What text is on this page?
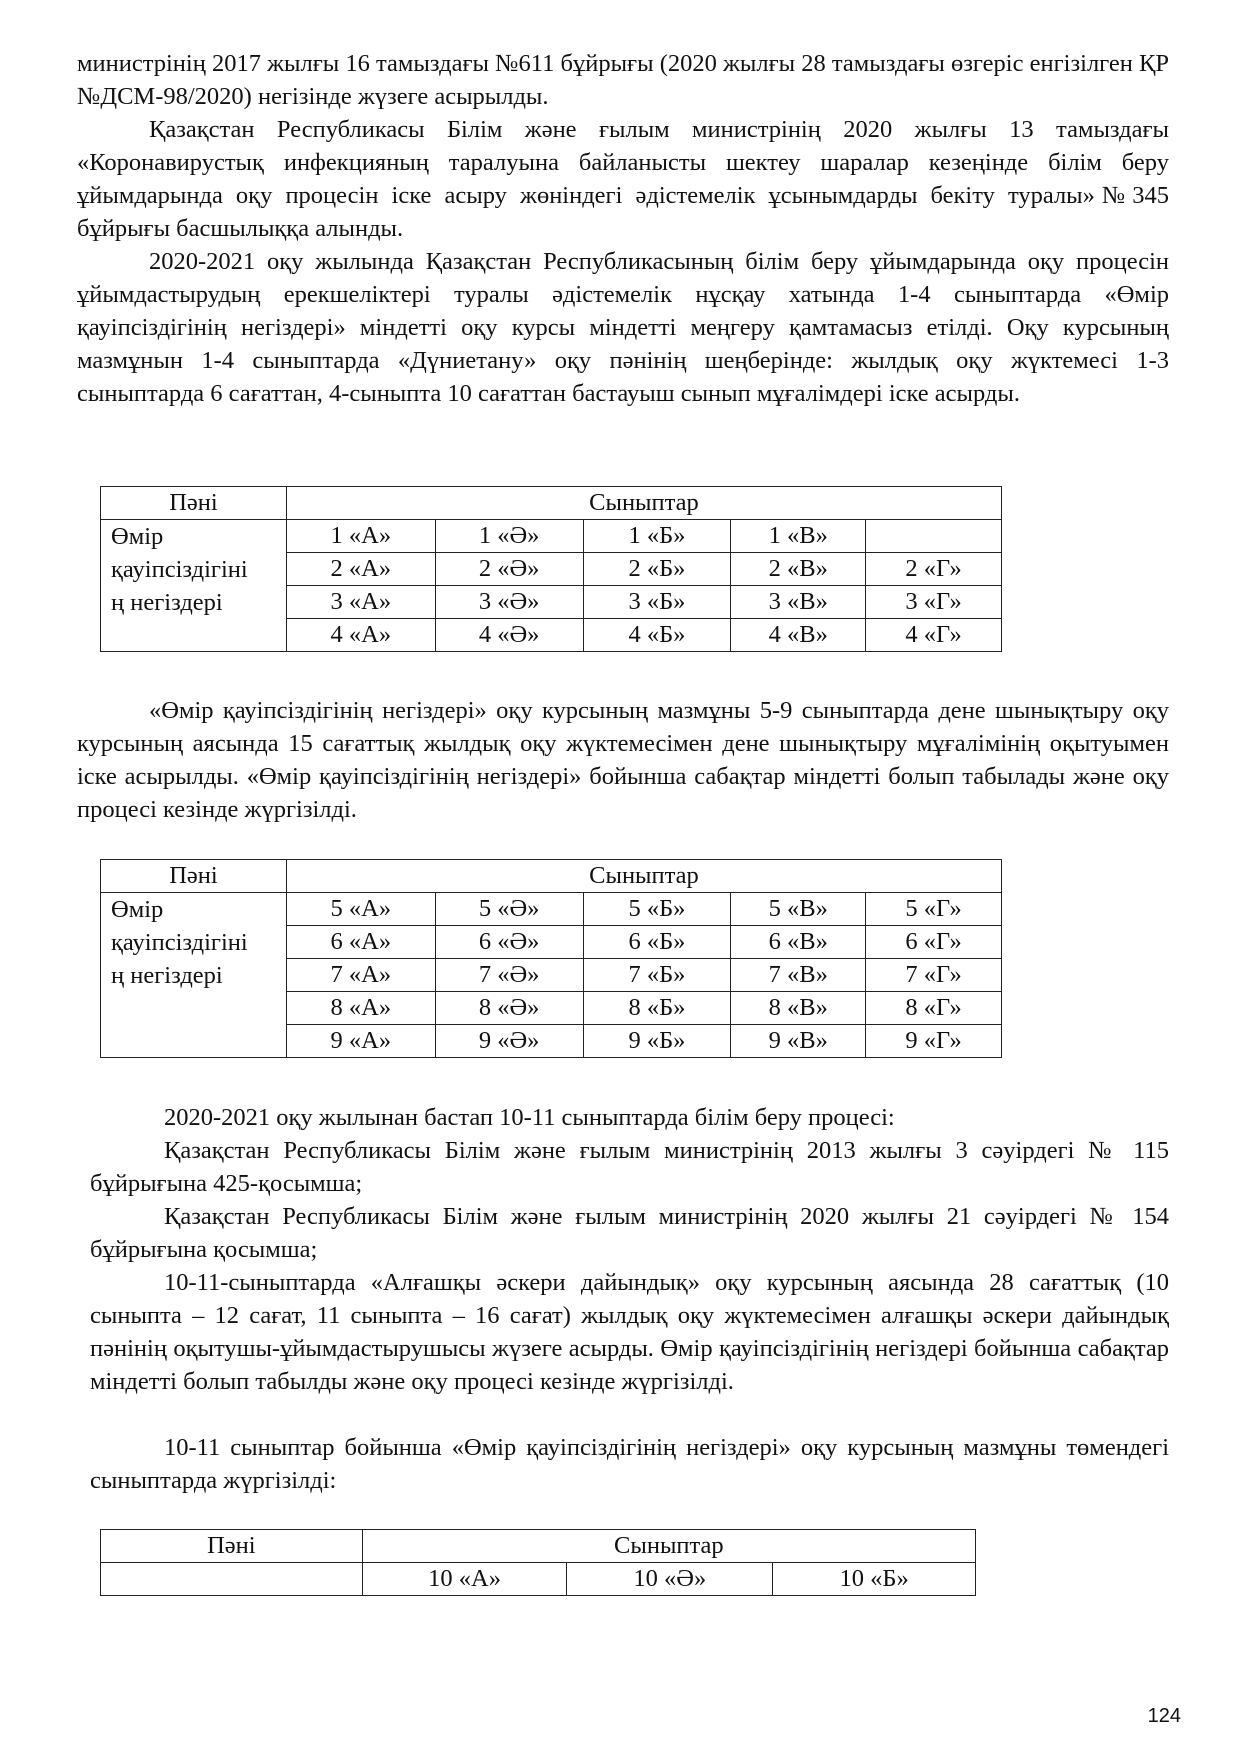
министрінің 2017 жылғы 16 тамыздағы №611 бұйрығы (2020 жылғы 28 тамыздағы өзгеріс енгізілген ҚР №ДСМ-98/2020) негізінде жүзеге асырылды.

Қазақстан Республикасы Білім және ғылым министрінің 2020 жылғы 13 тамыздағы «Коронавирустық инфекцияның таралуына байланысты шектеу шаралар кезеңінде білім беру ұйымдарында оқу процесін іске асыру жөніндегі әдістемелік ұсынымдарды бекіту туралы»№345 бұйрығы басшылыққа алынды.

2020-2021 оқу жылында Қазақстан Республикасының білім беру ұйымдарында оқу процесін ұйымдастырудың ерекшеліктері туралы әдістемелік нұсқау хатында 1-4 сыныптарда «Өмір қауіпсіздігінің негіздері» міндетті оқу курсы міндетті меңгеру қамтамасыз етілді. Оқу курсының мазмұнын 1-4 сыныптарда «Дүниетану» оқу пәнінің шеңберінде: жылдық оқу жүктемесі 1-3 сыныптарда 6 сағаттан, 4-сыныпта 10 сағаттан бастауыш сынып мұғалімдері іске асырды.

Пәні	Сыныптар				

Өмір
қауіпсіздігіні
ң негіздері	1 «А»	1 «Ә»	1 «Б»	1 «В»	
	2 «А»	2 «Ә»	2 «Б»	2 «В»	2 «Г»
	3 «А»	3 «Ә»	3 «Б»	3 «В»	3 «Г»
	4 «А»	4 «Ә»	4 «Б»	4 «В»	4 «Г»

«Өмір қауіпсіздігінің негіздері» оқу курсының мазмұны 5-9 сыныптарда дене шынықтыру оқу курсының аясында 15 сағаттық жылдық оқу жүктемесімен дене шынықтыру мұғалімінің оқытуымен іске асырылды. «Өмір қауіпсіздігінің негіздері» бойынша сабақтар міндетті болып табылады және оқу процесі кезінде жүргізілді.

Пәні	Сыныптар				

Өмір
қауіпсіздігіні
ң негіздері	5 «А»	5 «Ә»	5 «Б»	5 «В»	5 «Г»
	6 «А»	6 «Ә»	6 «Б»	6 «В»	6 «Г»
	7 «А»	7 «Ә»	7 «Б»	7 «В»	7 «Г»
	8 «А»	8 «Ә»	8 «Б»	8 «В»	8 «Г»
	9 «А»	9 «Ә»	9 «Б»	9 «В»	9 «Г»

2020-2021 оқу жылынан бастап 10-11 сыныптарда білім беру процесі:

Қазақстан Республикасы Білім және ғылым министрінің 2013 жылғы 3 сәуірдегі № 115 бұйрығына 425-қосымша;

Қазақстан Республикасы Білім және ғылым министрінің 2020 жылғы 21 сәуірдегі № 154 бұйрығына қосымша;

10-11-сыныптарда «Алғашқы әскери дайындық» оқу курсының аясында 28 сағаттық (10 сыныпта – 12 сағат, 11 сыныпта – 16 сағат) жылдық оқу жүктемесімен алғашқы әскери дайындық пәнінің оқытушы-ұйымдастырушысы жүзеге асырды. Өмір қауіпсіздігінің негіздері бойынша сабақтар міндетті болып табылды және оқу процесі кезінде жүргізілді.

10-11 сыныптар бойынша «Өмір қауіпсіздігінің негіздері» оқу курсының мазмұны төмендегі сыныптарда жүргізілді:

Пәні	Сыныптар		
	10 «А»	10 «Ә»	10 «Б»
124
